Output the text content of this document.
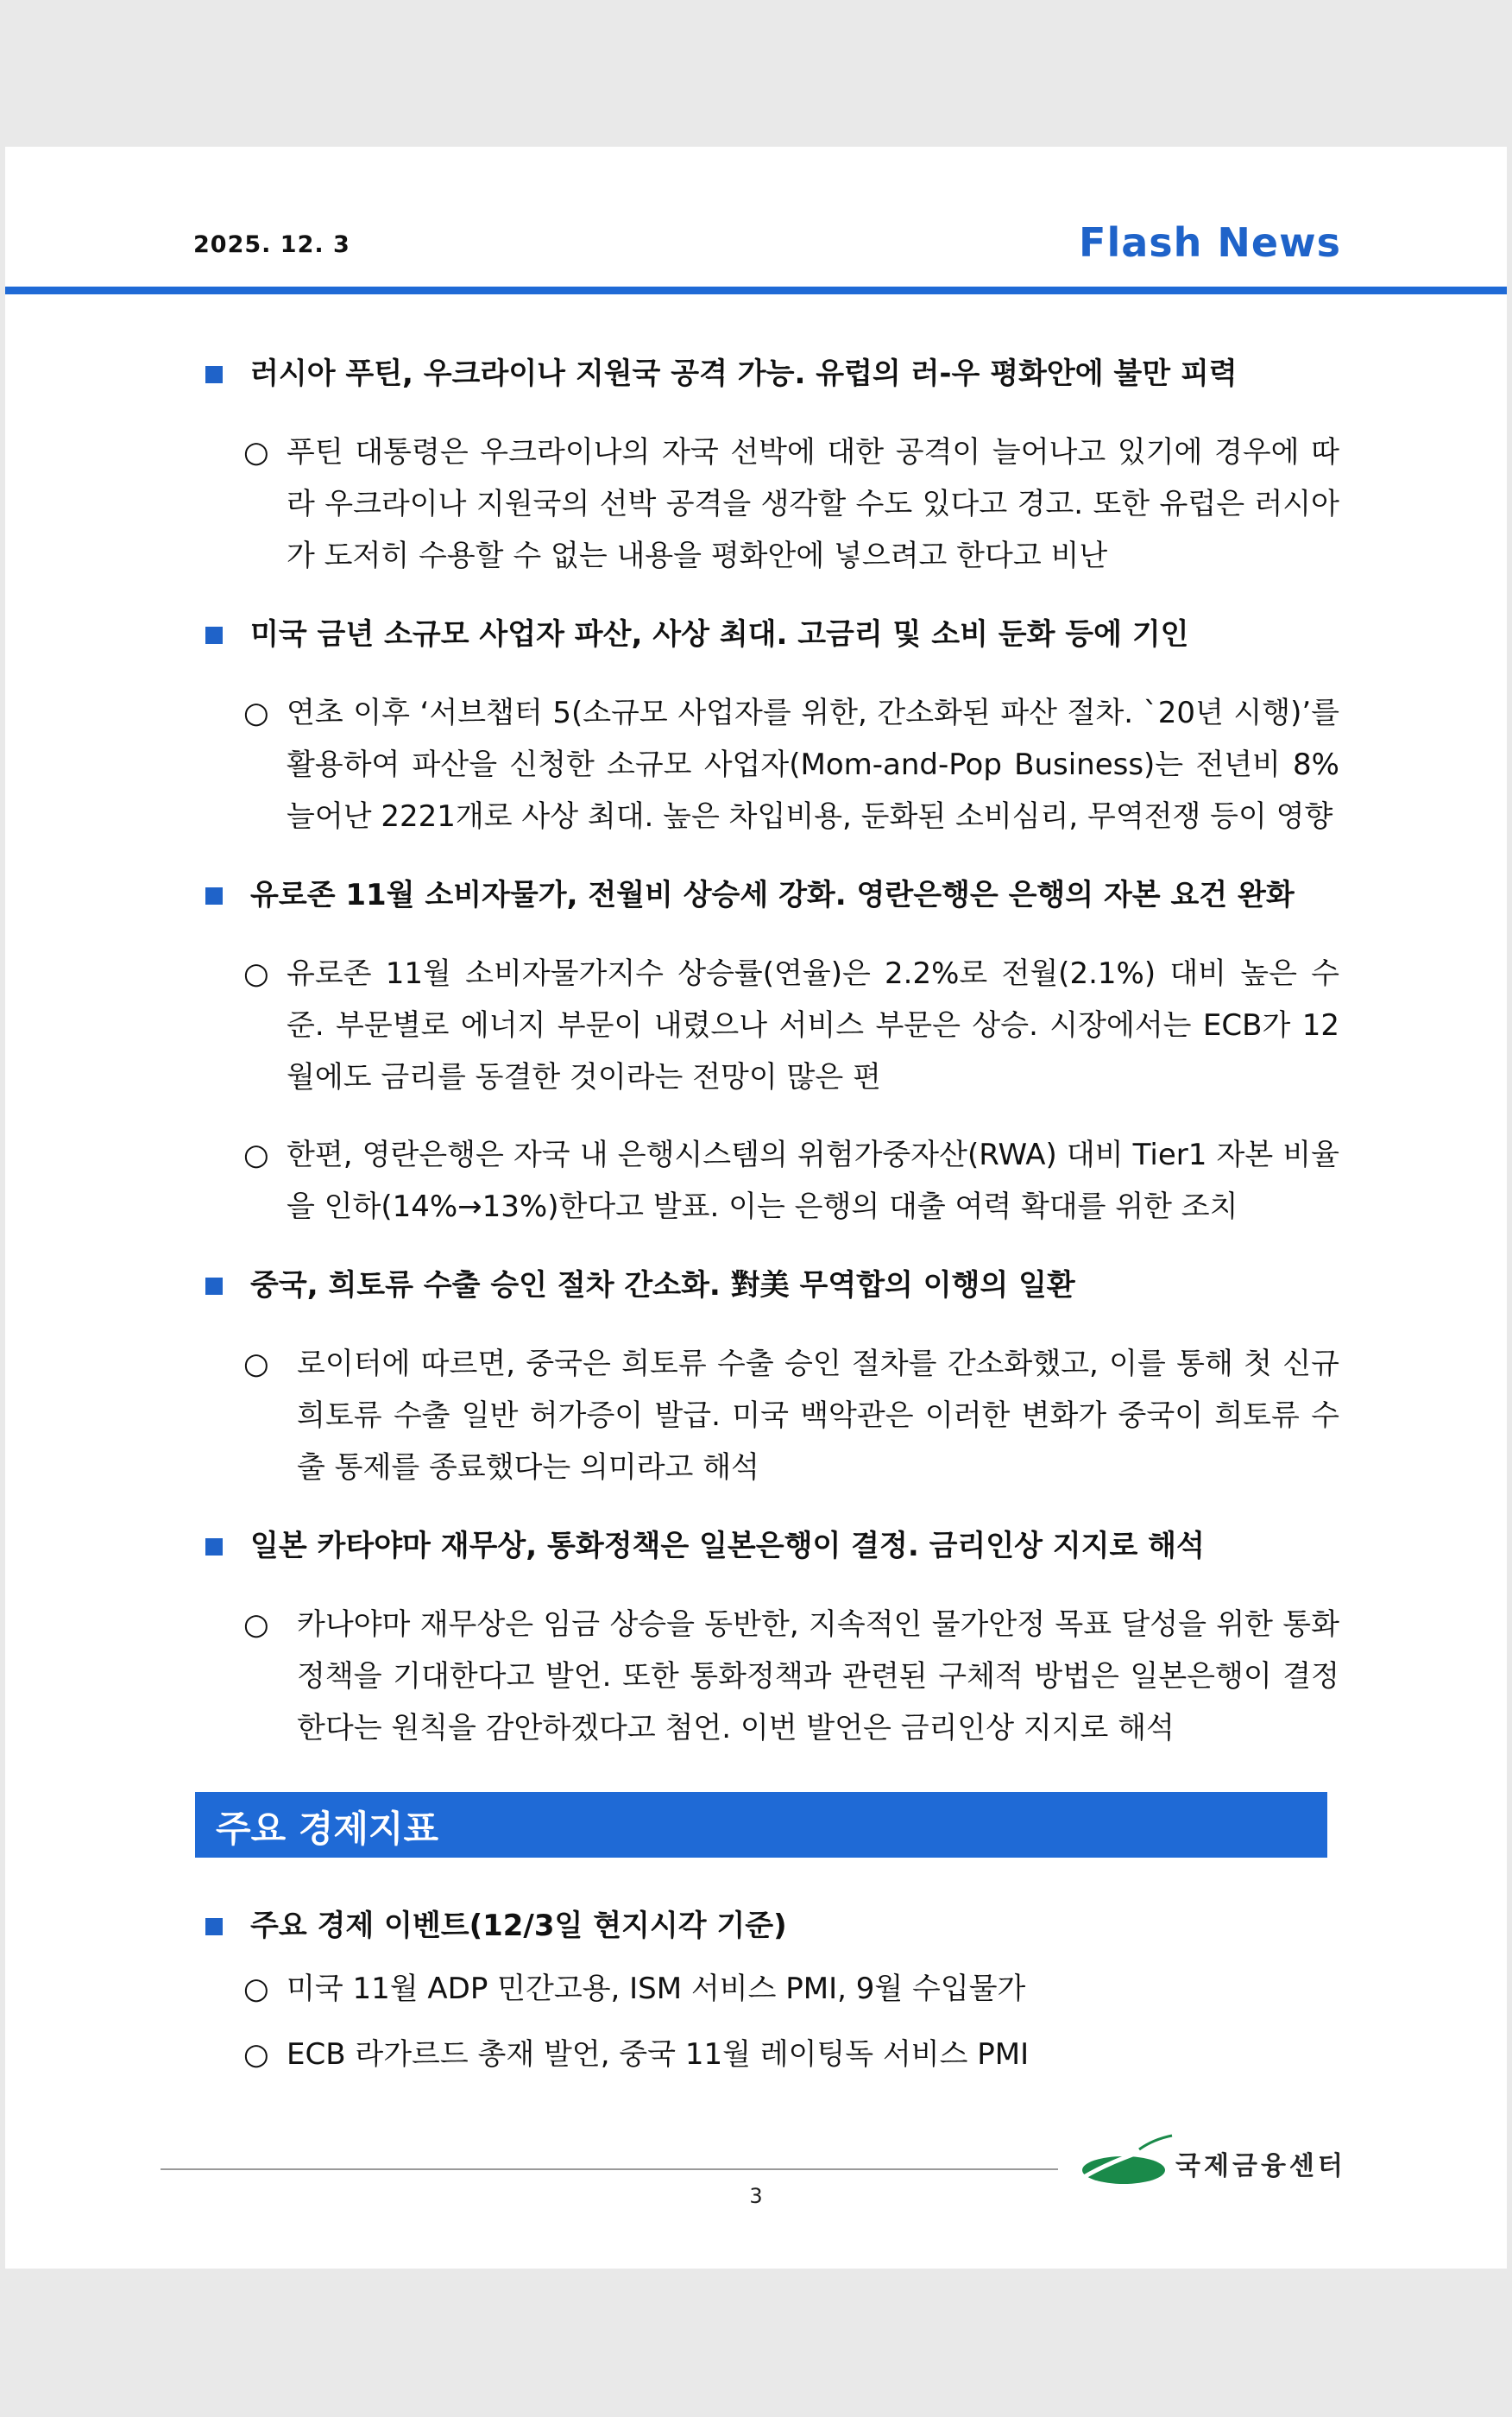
2025. 12. 3	Flash News
러시아 푸틴, 우크라이나 지원국 공격 가능. 유럽의 러-우 평화안에 불만 피력
○ 푸틴 대통령은 우크라이나의 자국 선박에 대한 공격이 늘어나고 있기에 경우에 따라 우크라이나 지원국의 선박 공격을 생각할 수도 있다고 경고. 또한 유럽은 러시아가 도저히 수용할 수 없는 내용을 평화안에 넣으려고 한다고 비난
미국 금년 소규모 사업자 파산, 사상 최대. 고금리 및 소비 둔화 등에 기인
○ 연초 이후 ‘서브챕터 5(소규모 사업자를 위한, 간소화된 파산 절차. `20년 시행)’를 활용하여 파산을 신청한 소규모 사업자(Mom-and-Pop Business)는 전년비 8% 늘어난 2221개로 사상 최대. 높은 차입비용, 둔화된 소비심리, 무역전쟁 등이 영향
유로존 11월 소비자물가, 전월비 상승세 강화. 영란은행은 은행의 자본 요건 완화
○ 유로존 11월 소비자물가지수 상승률(연율)은 2.2%로 전월(2.1%) 대비 높은 수준. 부문별로 에너지 부문이 내렸으나 서비스 부문은 상승. 시장에서는 ECB가 12월에도 금리를 동결한 것이라는 전망이 많은 편
○ 한편, 영란은행은 자국 내 은행시스템의 위험가중자산(RWA) 대비 Tier1 자본 비율을 인하(14%→13%)한다고 발표. 이는 은행의 대출 여력 확대를 위한 조치
중국, 희토류 수출 승인 절차 간소화. 對美 무역합의 이행의 일환
○ 로이터에 따르면, 중국은 희토류 수출 승인 절차를 간소화했고, 이를 통해 첫 신규 희토류 수출 일반 허가증이 발급. 미국 백악관은 이러한 변화가 중국이 희토류 수출 통제를 종료했다는 의미라고 해석
일본 카타야마 재무상, 통화정책은 일본은행이 결정. 금리인상 지지로 해석
○ 카나야마 재무상은 임금 상승을 동반한, 지속적인 물가안정 목표 달성을 위한 통화정책을 기대한다고 발언. 또한 통화정책과 관련된 구체적 방법은 일본은행이 결정한다는 원칙을 감안하겠다고 첨언. 이번 발언은 금리인상 지지로 해석
주요 경제지표
주요 경제 이벤트(12/3일 현지시각 기준)
○ 미국 11월 ADP 민간고용, ISM 서비스 PMI, 9월 수입물가
○ ECB 라가르드 총재 발언, 중국 11월 레이팅독 서비스 PMI
국제금융센터
3
